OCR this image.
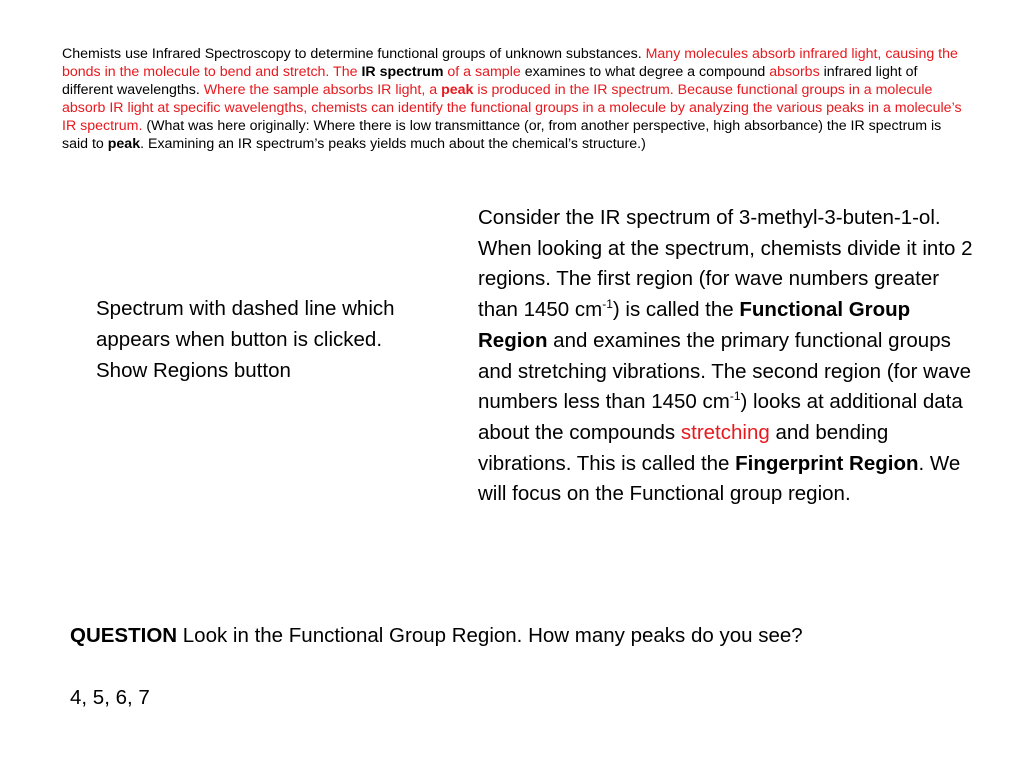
Chemists use Infrared Spectroscopy to determine functional groups of unknown substances. Many molecules absorb infrared light, causing the bonds in the molecule to bend and stretch. The IR spectrum of a sample examines to what degree a compound absorbs infrared light of different wavelengths. Where the sample absorbs IR light, a peak is produced in the IR spectrum. Because functional groups in a molecule absorb IR light at specific wavelengths, chemists can identify the functional groups in a molecule by analyzing the various peaks in a molecule’s IR spectrum. (What was here originally: Where there is low transmittance (or, from another perspective, high absorbance) the IR spectrum is said to peak. Examining an IR spectrum’s peaks yields much about the chemical’s structure.)

Spectrum with dashed line which appears when button is clicked.
Show Regions button

Consider the IR spectrum of 3-methyl-3-buten-1-ol. When looking at the spectrum, chemists divide it into 2 regions. The first region (for wave numbers greater than 1450 $cm^{-1}$) is called the Functional Group Region and examines the primary functional groups and stretching vibrations. The second region (for wave numbers less than 1450 $cm^{-1}$) looks at additional data about the compounds stretching and bending vibrations. This is called the Fingerprint Region. We will focus on the Functional group region.

QUESTION Look in the Functional Group Region. How many peaks do you see?

4, 5, 6, 7
